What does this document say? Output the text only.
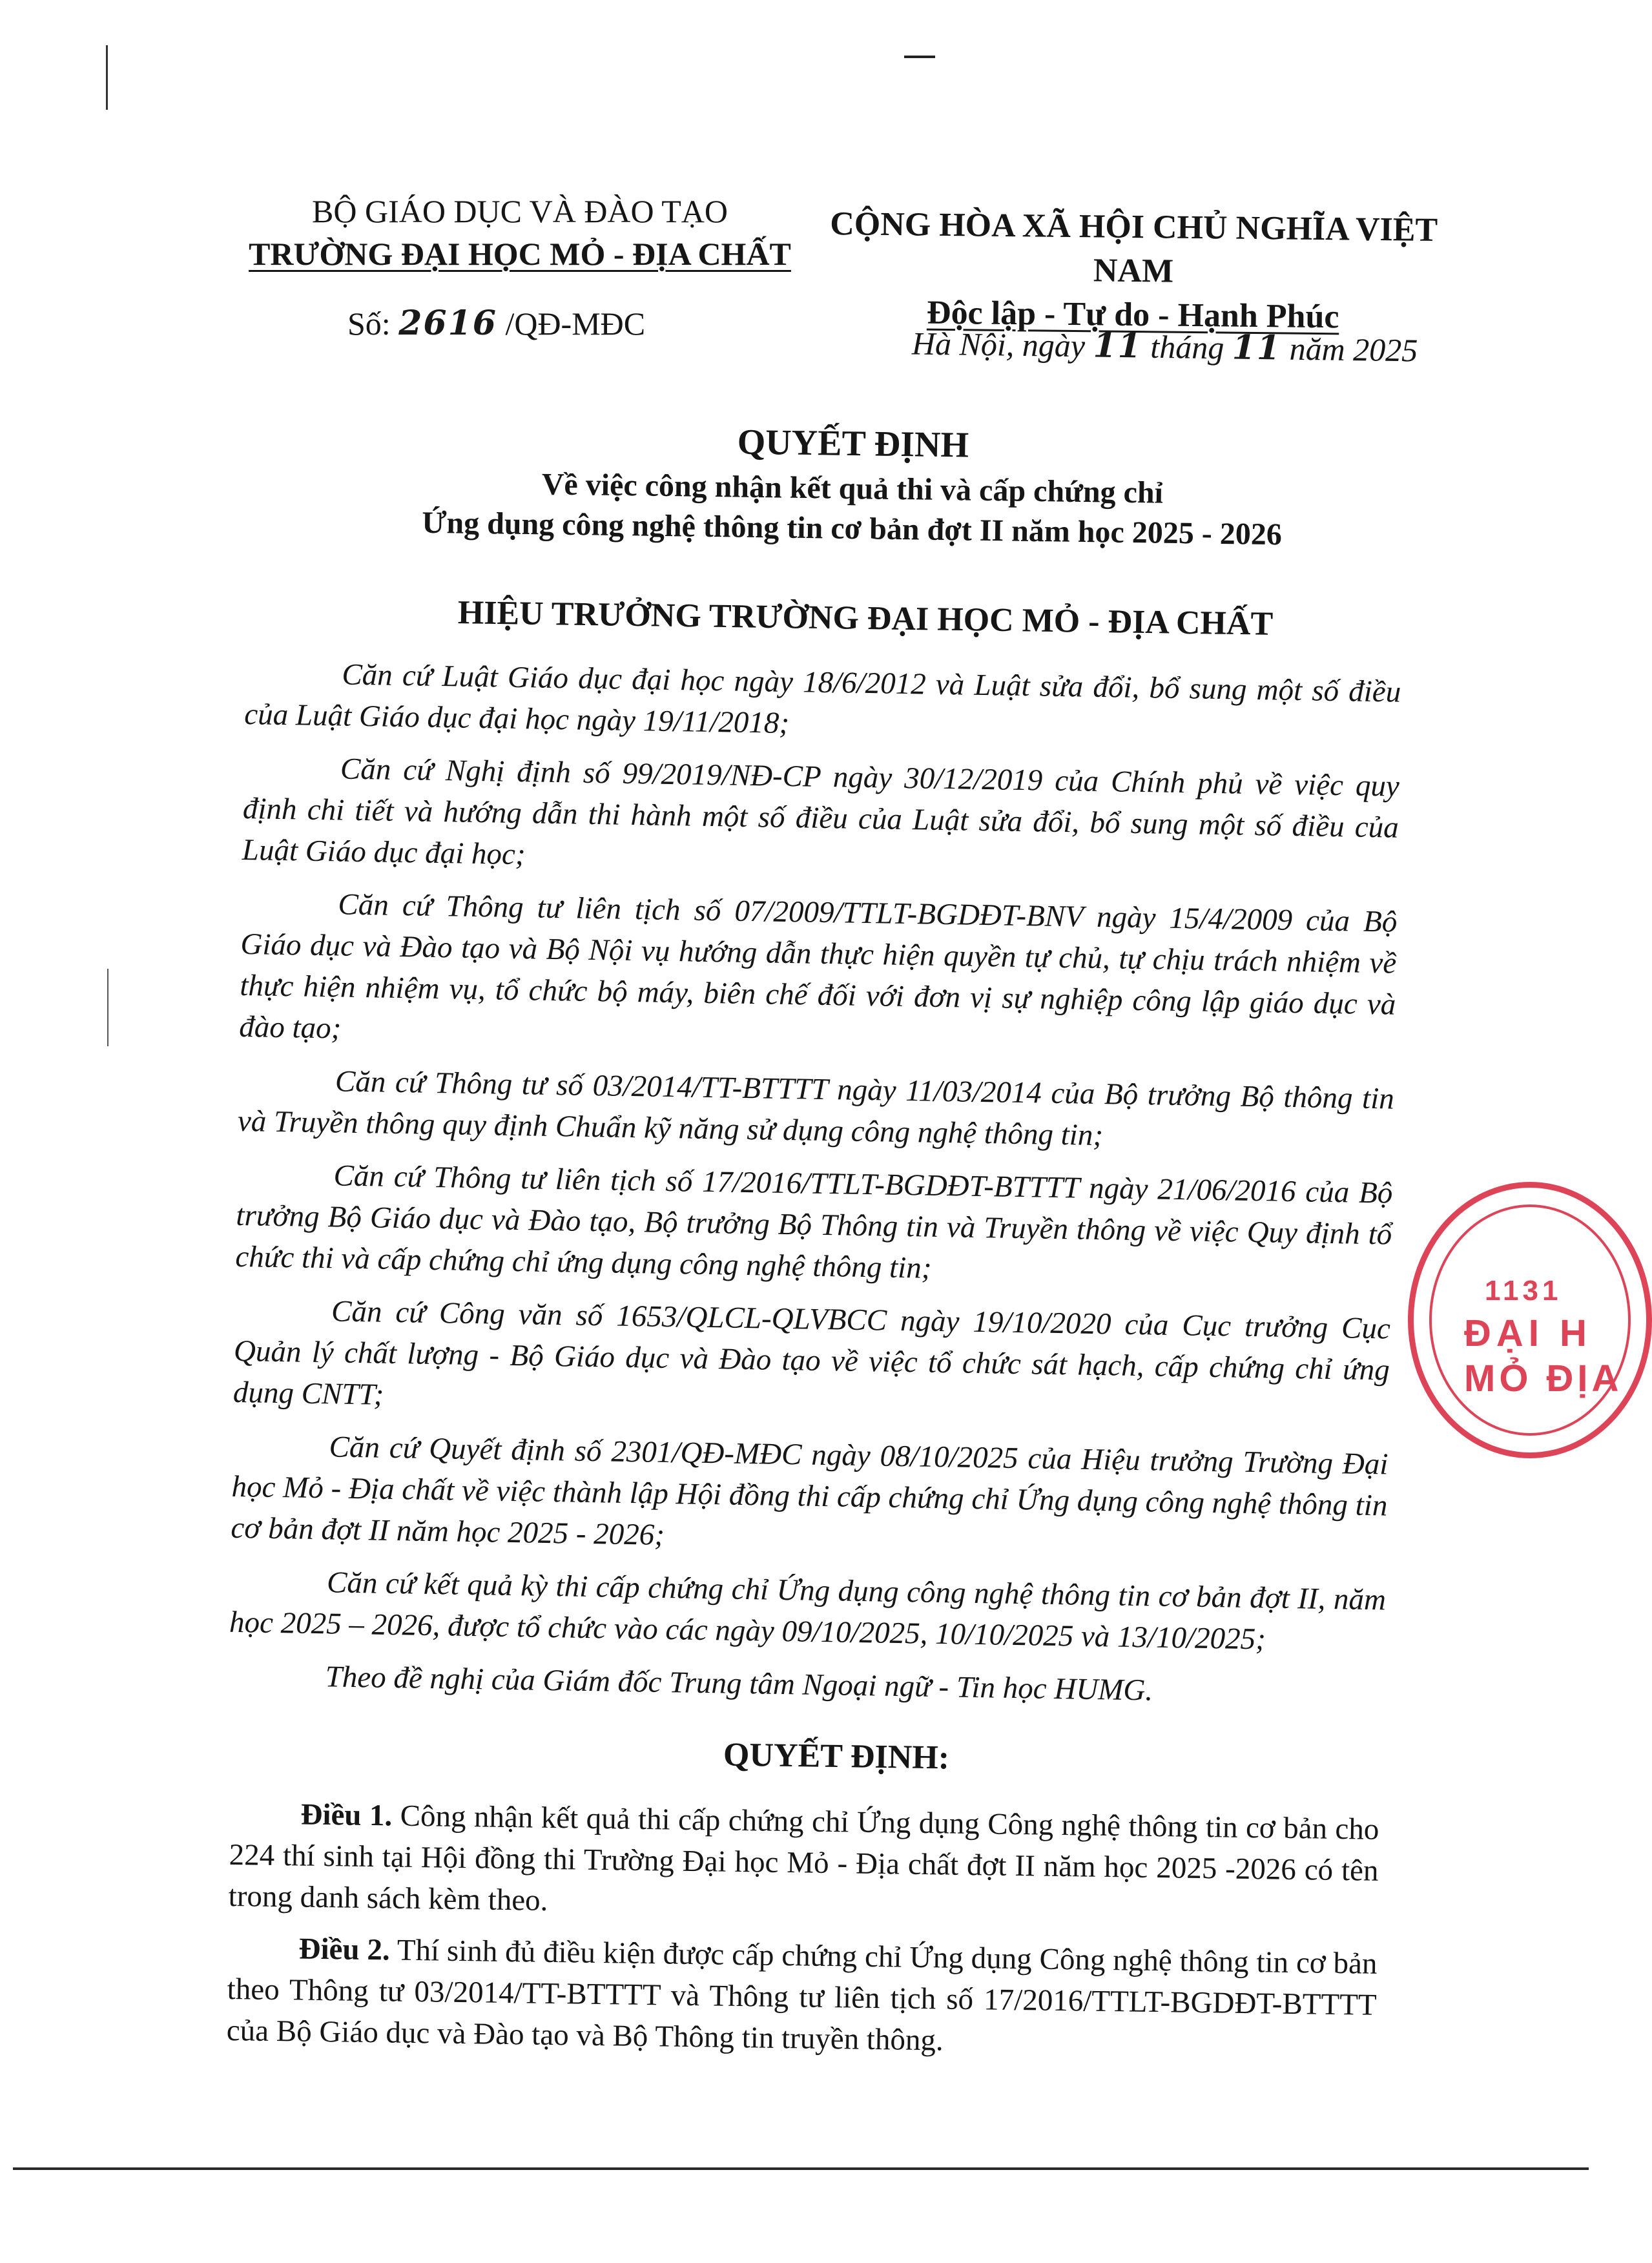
BỘ GIÁO DỤC VÀ ĐÀO TẠO
TRƯỜNG ĐẠI HỌC MỎ - ĐỊA CHẤT
CỘNG HÒA XÃ HỘI CHỦ NGHĨA VIỆT NAM
Độc lập - Tự do - Hạnh Phúc
Số: 2616 /QĐ-MĐC
Hà Nội, ngày 11 tháng 11 năm 2025
QUYẾT ĐỊNH
Về việc công nhận kết quả thi và cấp chứng chỉ
Ứng dụng công nghệ thông tin cơ bản đợt II năm học 2025 - 2026
HIỆU TRƯỞNG TRƯỜNG ĐẠI HỌC MỎ - ĐỊA CHẤT

Căn cứ Luật Giáo dục đại học ngày 18/6/2012 và Luật sửa đổi, bổ sung một số điều của Luật Giáo dục đại học ngày 19/11/2018;

Căn cứ Nghị định số 99/2019/NĐ-CP ngày 30/12/2019 của Chính phủ về việc quy định chi tiết và hướng dẫn thi hành một số điều của Luật sửa đổi, bổ sung một số điều của Luật Giáo dục đại học;

Căn cứ Thông tư liên tịch số 07/2009/TTLT-BGDĐT-BNV ngày 15/4/2009 của Bộ Giáo dục và Đào tạo và Bộ Nội vụ hướng dẫn thực hiện quyền tự chủ, tự chịu trách nhiệm về thực hiện nhiệm vụ, tổ chức bộ máy, biên chế đối với đơn vị sự nghiệp công lập giáo dục và đào tạo;

Căn cứ Thông tư số 03/2014/TT-BTTTT ngày 11/03/2014 của Bộ trưởng Bộ thông tin và Truyền thông quy định Chuẩn kỹ năng sử dụng công nghệ thông tin;

Căn cứ Thông tư liên tịch số 17/2016/TTLT-BGDĐT-BTTTT ngày 21/06/2016 của Bộ trưởng Bộ Giáo dục và Đào tạo, Bộ trưởng Bộ Thông tin và Truyền thông về việc Quy định tổ chức thi và cấp chứng chỉ ứng dụng công nghệ thông tin;

Căn cứ Công văn số 1653/QLCL-QLVBCC ngày 19/10/2020 của Cục trưởng Cục Quản lý chất lượng - Bộ Giáo dục và Đào tạo về việc tổ chức sát hạch, cấp chứng chỉ ứng dụng CNTT;

Căn cứ Quyết định số 2301/QĐ-MĐC ngày 08/10/2025 của Hiệu trưởng Trường Đại học Mỏ - Địa chất về việc thành lập Hội đồng thi cấp chứng chỉ Ứng dụng công nghệ thông tin cơ bản đợt II năm học 2025 - 2026;

Căn cứ kết quả kỳ thi cấp chứng chỉ Ứng dụng công nghệ thông tin cơ bản đợt II, năm học 2025 – 2026, được tổ chức vào các ngày 09/10/2025, 10/10/2025 và 13/10/2025;

Theo đề nghị của Giám đốc Trung tâm Ngoại ngữ - Tin học HUMG.

QUYẾT ĐỊNH:

Điều 1. Công nhận kết quả thi cấp chứng chỉ Ứng dụng Công nghệ thông tin cơ bản cho 224 thí sinh tại Hội đồng thi Trường Đại học Mỏ - Địa chất đợt II năm học 2025 -2026 có tên trong danh sách kèm theo.

Điều 2. Thí sinh đủ điều kiện được cấp chứng chỉ Ứng dụng Công nghệ thông tin cơ bản theo Thông tư 03/2014/TT-BTTTT và Thông tư liên tịch số 17/2016/TTLT-BGDĐT-BTTTT của Bộ Giáo dục và Đào tạo và Bộ Thông tin truyền thông.

1131
ĐẠI H
MỎ ĐỊA
